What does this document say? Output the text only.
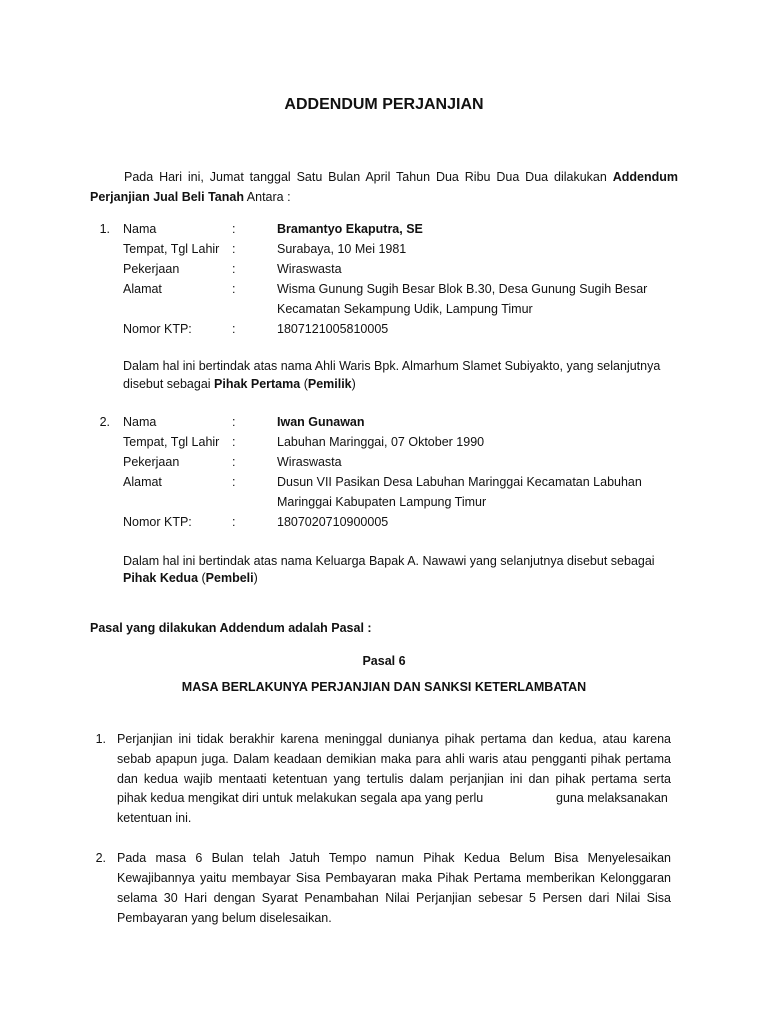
ADDENDUM PERJANJIAN
Pada Hari ini, Jumat tanggal Satu Bulan April Tahun Dua Ribu Dua Dua dilakukan Addendum
Perjanjian Jual Beli Tanah Antara :
1. Nama
Tempat, Tgl Lahir
Pekerjaan
Alamat
Nomor KTP:
:
:
:
:
:
Bramantyo Ekaputra, SE
Surabaya, 10 Mei 1981
Wiraswasta
Wisma Gunung Sugih Besar Blok B.30, Desa Gunung Sugih Besar
Kecamatan Sekampung Udik, Lampung Timur
1807121005810005
Dalam hal ini bertindak atas nama Ahli Waris Bpk. Almarhum Slamet Subiyakto, yang selanjutnya
disebut sebagai Pihak Pertama (Pemilik)
2. Nama
Tempat, Tgl Lahir
Pekerjaan
Alamat
Nomor KTP:
:
:
:
:
:
Iwan Gunawan
Labuhan Maringgai, 07 Oktober 1990
Wiraswasta
Dusun VII Pasikan Desa Labuhan Maringgai Kecamatan Labuhan
Maringgai Kabupaten Lampung Timur
1807020710900005
Dalam hal ini bertindak atas nama Keluarga Bapak A. Nawawi yang selanjutnya disebut sebagai
Pihak Kedua (Pembeli)
Pasal yang dilakukan Addendum adalah Pasal :
Pasal 6
MASA BERLAKUNYA PERJANJIAN DAN SANKSI KETERLAMBATAN
1. Perjanjian ini tidak berakhir karena meninggal dunianya pihak pertama dan kedua, atau karena
sebab apapun juga. Dalam keadaan demikian maka para ahli waris atau pengganti pihak pertama
dan kedua wajib mentaati ketentuan yang tertulis dalam perjanjian ini dan pihak pertama serta
pihak kedua mengikat diri untuk melakukan segala apa yang perlu	guna melaksanakan
ketentuan ini.
2. Pada masa 6 Bulan telah Jatuh Tempo namun Pihak Kedua Belum Bisa Menyelesaikan
Kewajibannya yaitu membayar Sisa Pembayaran maka Pihak Pertama memberikan Kelonggaran
selama 30 Hari dengan Syarat Penambahan Nilai Perjanjian sebesar 5 Persen dari Nilai Sisa
Pembayaran yang belum diselesaikan.
